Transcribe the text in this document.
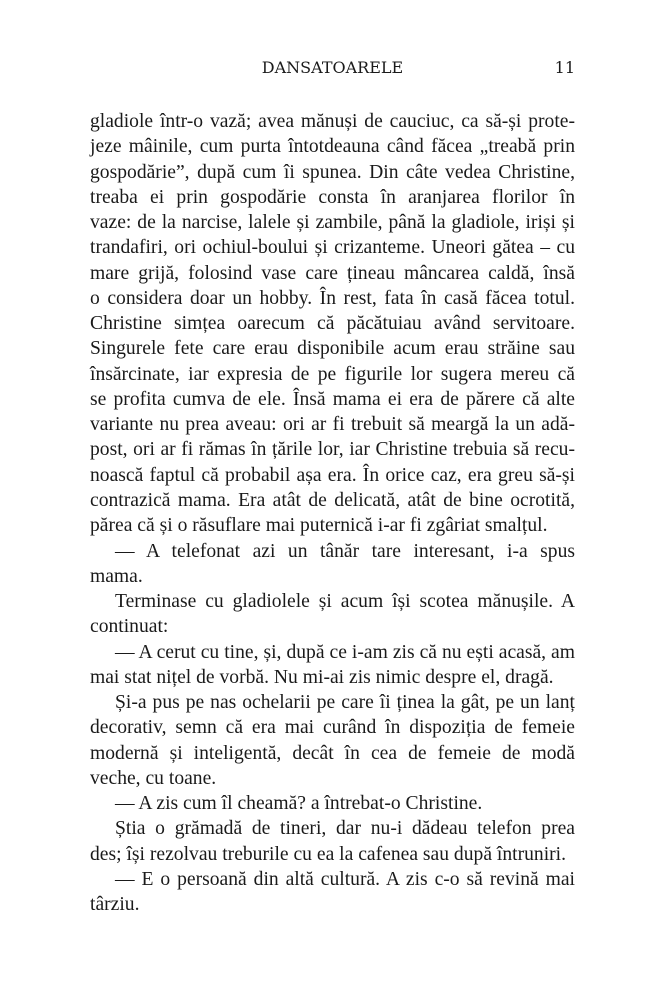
DANSATOARELE	11
gladiole într-o vază; avea mănuși de cauciuc, ca să-și prote-
jeze mâinile, cum purta întotdeauna când făcea „treabă prin
gospodărie”, după cum îi spunea. Din câte vedea Christine,
treaba ei prin gospodărie consta în aranjarea florilor în
vaze: de la narcise, lalele și zambile, până la gladiole, iriși și
trandafiri, ori ochiul-boului și crizanteme. Uneori gătea – cu
mare grijă, folosind vase care țineau mâncarea caldă, însă
o considera doar un hobby. În rest, fata în casă făcea totul.
Christine simțea oarecum că păcătuiau având servitoare.
Singurele fete care erau disponibile acum erau străine sau
însărcinate, iar expresia de pe figurile lor sugera mereu că
se profita cumva de ele. Însă mama ei era de părere că alte
variante nu prea aveau: ori ar fi trebuit să meargă la un adă-
post, ori ar fi rămas în țările lor, iar Christine trebuia să recu-
noască faptul că probabil așa era. În orice caz, era greu să-și
contrazică mama. Era atât de delicată, atât de bine ocrotită,
părea că și o răsuflare mai puternică i-ar fi zgâriat smalțul.
— A telefonat azi un tânăr tare interesant, i-a spus
mama.
Terminase cu gladiolele și acum își scotea mănușile. A
continuat:
— A cerut cu tine, și, după ce i-am zis că nu ești acasă, am
mai stat nițel de vorbă. Nu mi-ai zis nimic despre el, dragă.
Și-a pus pe nas ochelarii pe care îi ținea la gât, pe un lanț
decorativ, semn că era mai curând în dispoziția de femeie
modernă și inteligentă, decât în cea de femeie de modă
veche, cu toane.
— A zis cum îl cheamă? a întrebat-o Christine.
Știa o grămadă de tineri, dar nu-i dădeau telefon prea
des; își rezolvau treburile cu ea la cafenea sau după întruniri.
— E o persoană din altă cultură. A zis c-o să revină mai
târziu.
